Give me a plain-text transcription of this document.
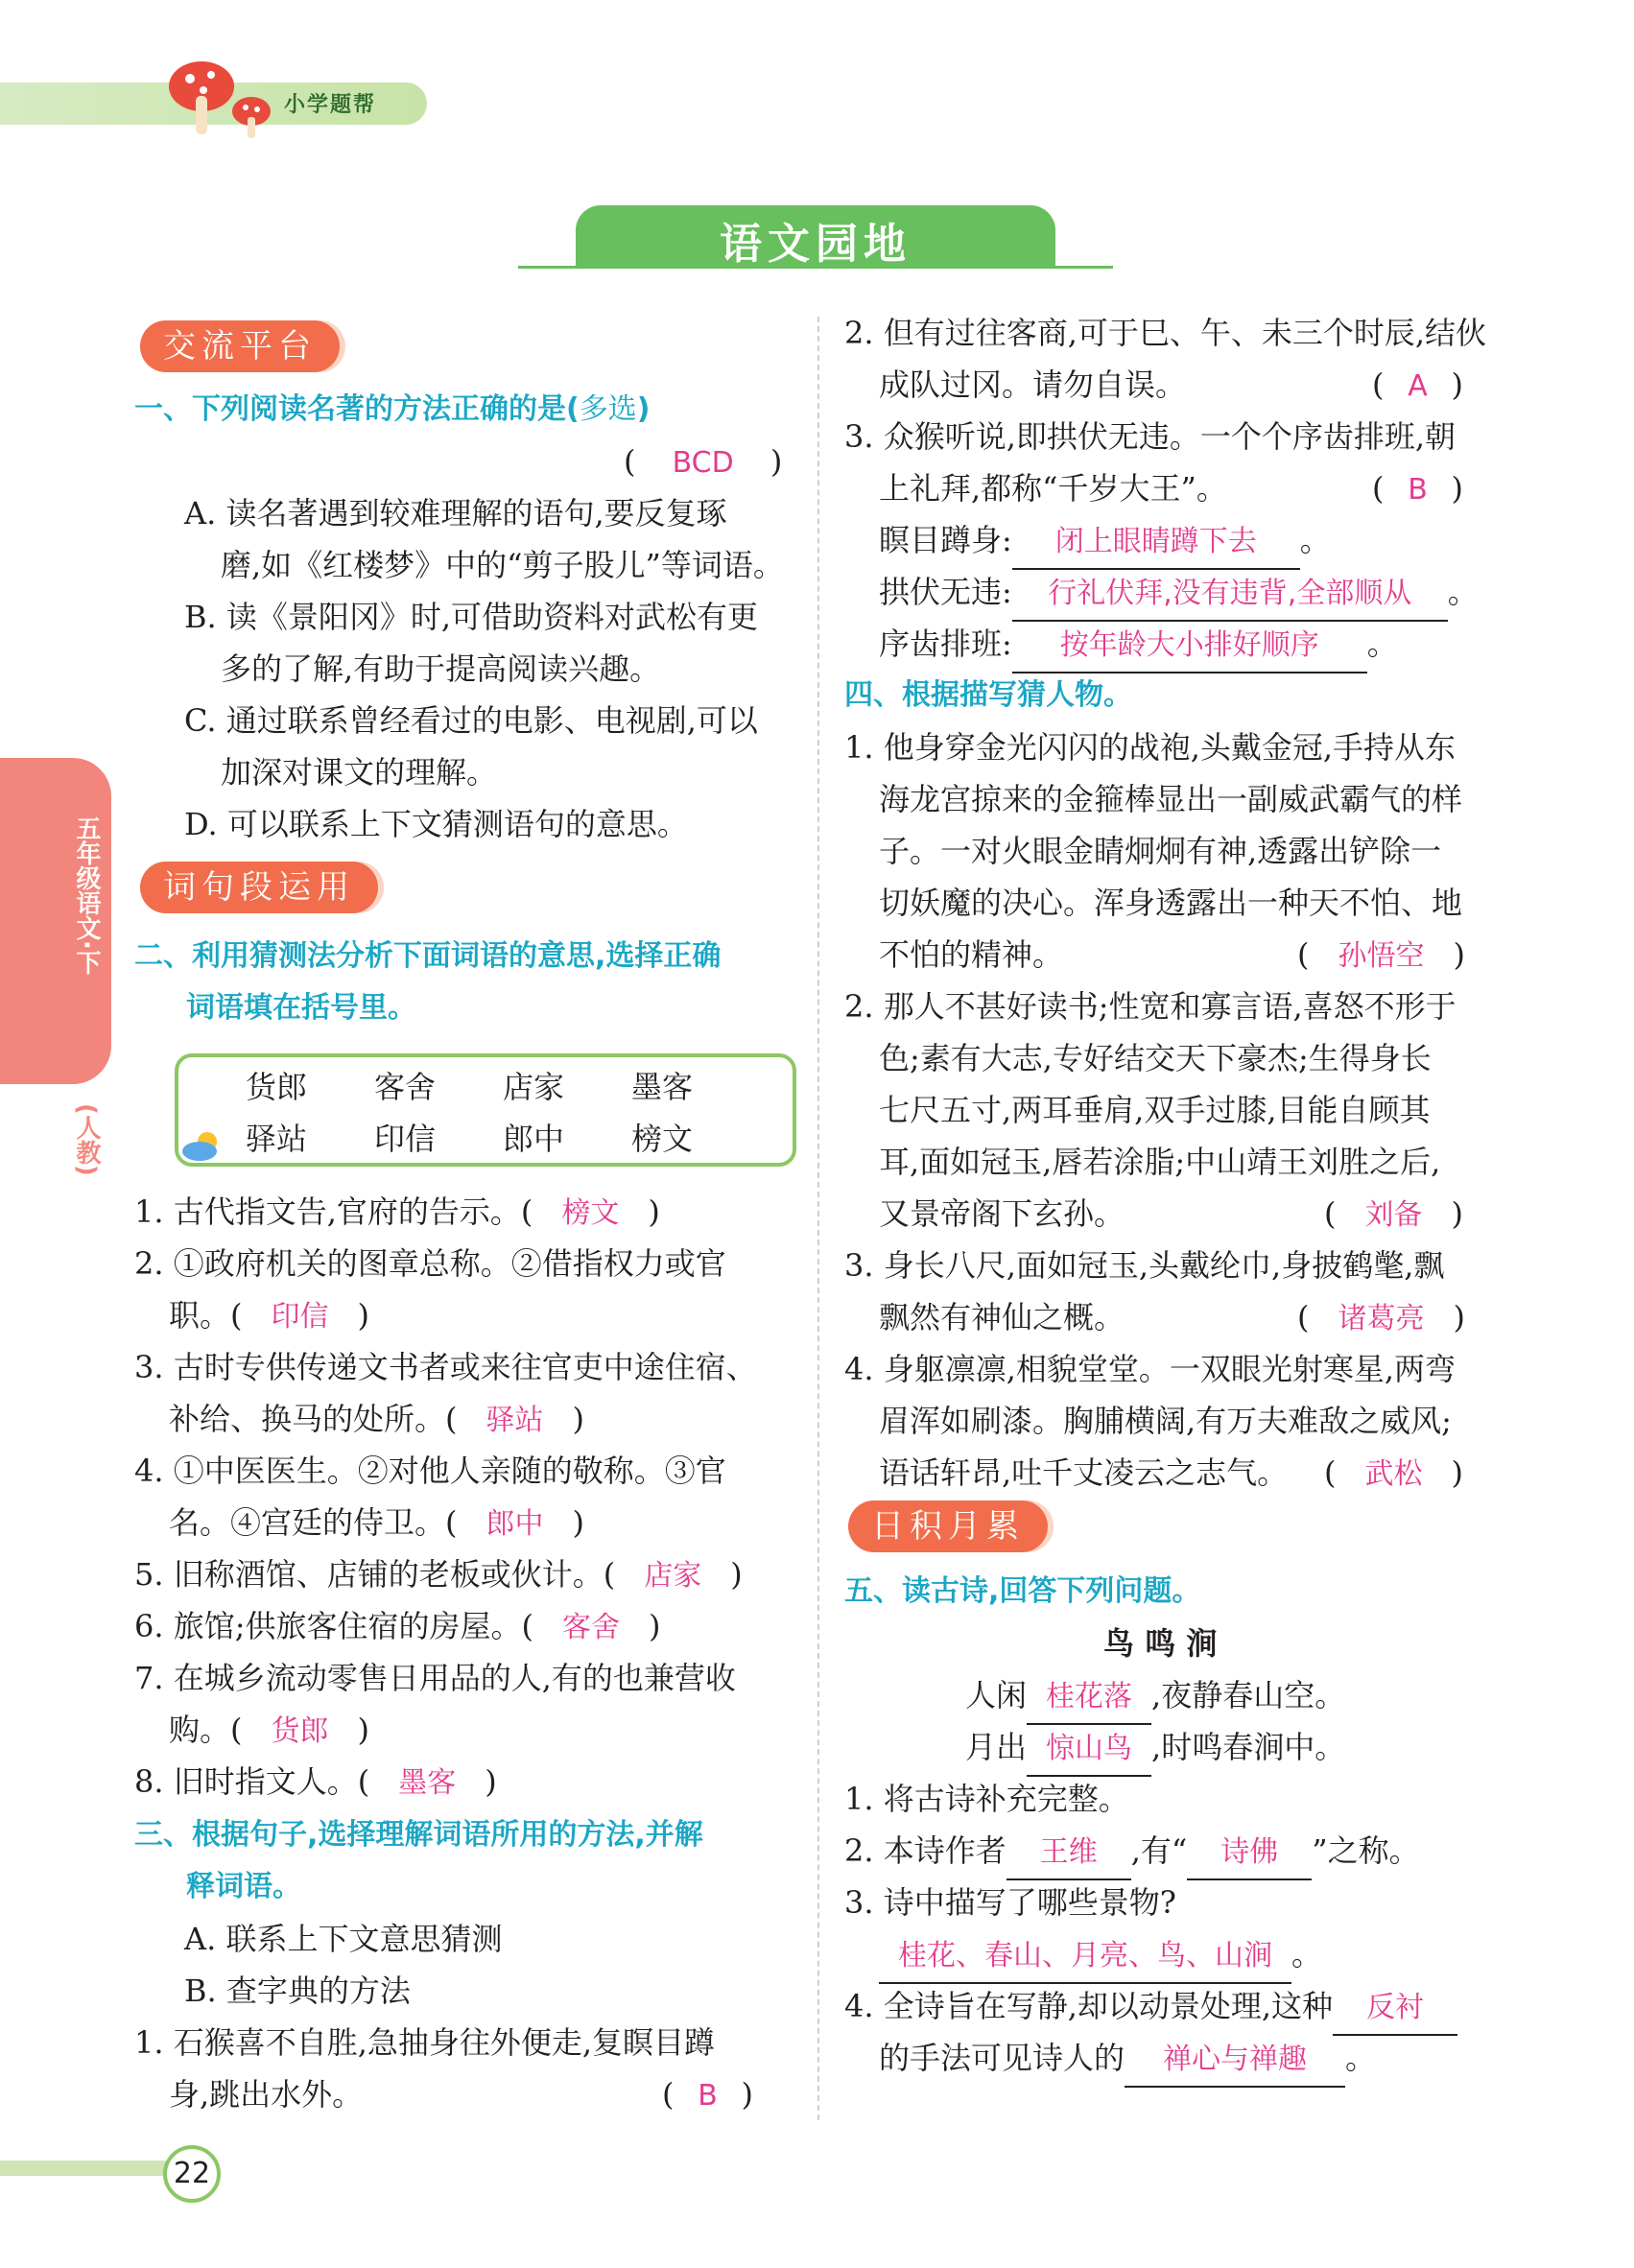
小学题帮
语文园地
五年级语文·下
(人教)
交流平台
一、下列阅读名著的方法正确的是(多选)
( BCD )
A. 读名著遇到较难理解的语句,要反复琢
磨,如《红楼梦》中的“剪子股儿”等词语。
B. 读《景阳冈》时,可借助资料对武松有更
多的了解,有助于提高阅读兴趣。
C. 通过联系曾经看过的电影、电视剧,可以
加深对课文的理解。
D. 可以联系上下文猜测语句的意思。
词句段运用
二、利用猜测法分析下面词语的意思,选择正确
词语填在括号里。
货郎 客舍 店家 墨客
驿站 印信 郎中 榜文
1. 古代指文告,官府的告示。( 榜文 )
2. ①政府机关的图章总称。②借指权力或官
职。( 印信 )
3. 古时专供传递文书者或来往官吏中途住宿、
补给、换马的处所。( 驿站 )
4. ①中医医生。②对他人亲随的敬称。③官
名。④宫廷的侍卫。( 郎中 )
5. 旧称酒馆、店铺的老板或伙计。( 店家 )
6. 旅馆;供旅客住宿的房屋。( 客舍 )
7. 在城乡流动零售日用品的人,有的也兼营收
购。( 货郎 )
8. 旧时指文人。( 墨客 )
三、根据句子,选择理解词语所用的方法,并解
释词语。
A. 联系上下文意思猜测
B. 查字典的方法
1. 石猴喜不自胜,急抽身往外便走,复瞑目蹲
身,跳出水外。	( B )
2. 但有过往客商,可于巳、午、未三个时辰,结伙
成队过冈。请勿自误。	( A )
3. 众猴听说,即拱伏无违。一个个序齿排班,朝
上礼拜,都称“千岁大王”。	( B )
瞑目蹲身: 闭上眼睛蹲下去 。
拱伏无违: 行礼伏拜,没有违背,全部顺从 。
序齿排班: 按年龄大小排好顺序 。
四、根据描写猜人物。
1. 他身穿金光闪闪的战袍,头戴金冠,手持从东
海龙宫掠来的金箍棒显出一副威武霸气的样
子。一对火眼金睛炯炯有神,透露出铲除一
切妖魔的决心。浑身透露出一种天不怕、地
不怕的精神。	( 孙悟空 )
2. 那人不甚好读书;性宽和寡言语,喜怒不形于
色;素有大志,专好结交天下豪杰;生得身长
七尺五寸,两耳垂肩,双手过膝,目能自顾其
耳,面如冠玉,唇若涂脂;中山靖王刘胜之后,
又景帝阁下玄孙。	( 刘备 )
3. 身长八尺,面如冠玉,头戴纶巾,身披鹤氅,飘
飘然有神仙之概。	( 诸葛亮 )
4. 身躯凛凛,相貌堂堂。一双眼光射寒星,两弯
眉浑如刷漆。胸脯横阔,有万夫难敌之威风;
语话轩昂,吐千丈凌云之志气。 ( 武松 )
日积月累
五、读古诗,回答下列问题。
鸟 鸣 涧
人闲 桂花落 ,夜静春山空。
月出 惊山鸟 ,时鸣春涧中。
1. 将古诗补充完整。
2. 本诗作者 王维 ,有“ 诗佛 ”之称。
3. 诗中描写了哪些景物?
桂花、春山、月亮、鸟、山涧 。
4. 全诗旨在写静,却以动景处理,这种 反衬
的手法可见诗人的 禅心与禅趣 。
22
